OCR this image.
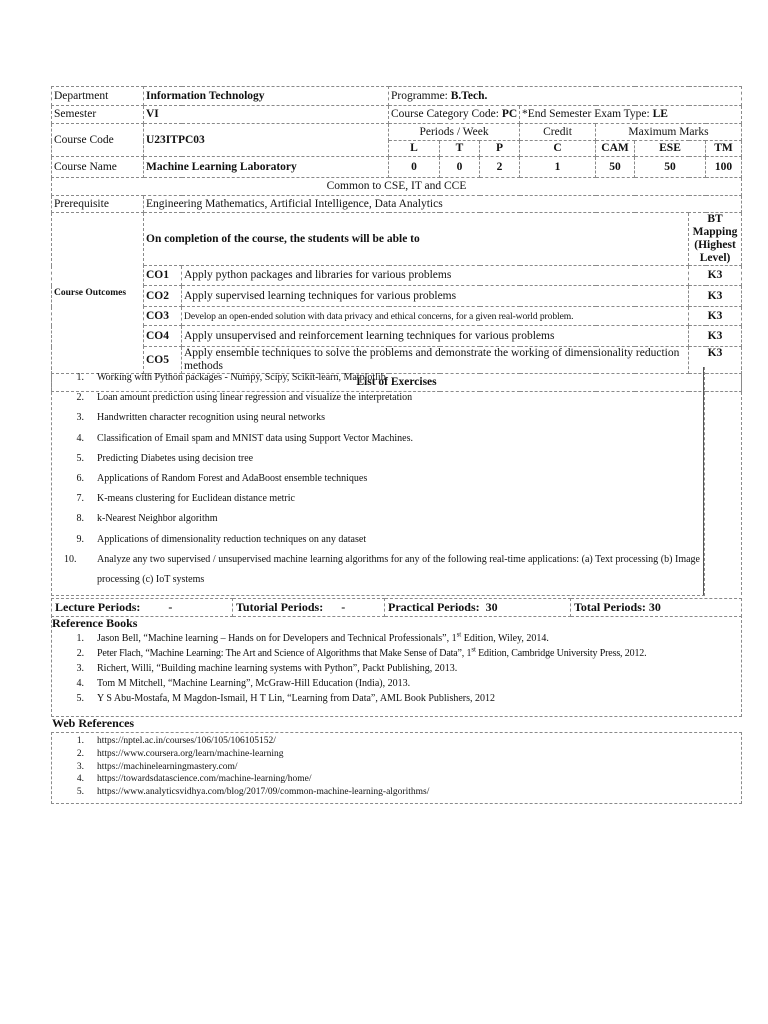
Department	Information Technology		Programme: B.Tech.							
Semester	VI		Course Category Code: PC			*End Semester Exam Type: LE				
Course Code	U23ITPC03		Periods / Week			Credit	Maximum Marks			
			L	T	P	C	CAM	ESE		TM
Course Name	Machine Learning Laboratory		0	0	2	1	50	50		100
Common to CSE, IT and CCE										
Prerequisite	Engineering Mathematics, Artificial Intelligence, Data Analytics									
Course Outcomes	On completion of the course, the students will be able to								BT Mapping (Highest Level)	
	CO1	Apply python packages and libraries for various problems							K3	
	CO2	Apply supervised learning techniques for various problems							K3	
	CO3	Develop an open-ended solution with data privacy and ethical concerns, for a given real-world problem.							K3	
	CO4	Apply unsupervised and reinforcement learning techniques for various problems							K3	
	CO5	Apply ensemble techniques to solve the problems and demonstrate the working of dimensionality reduction methods							K3	
List of Exercises										
1. Working with Python packages - Numpy, Scipy, Scikit-learn, Matplotlib
2. Loan amount prediction using linear regression and visualize the interpretation
3. Handwritten character recognition using neural networks
4. Classification of Email spam and MNIST data using Support Vector Machines.
5. Predicting Diabetes using decision tree
6. Applications of Random Forest and AdaBoost ensemble techniques
7. K-means clustering for Euclidean distance metric
8. k-Nearest Neighbor algorithm
9. Applications of dimensionality reduction techniques on any dataset
10.	Analyze any two supervised / unsupervised machine learning algorithms for any of the following real-time applications: (a) Text processing (b) Image processing (c) IoT systems
Lecture Periods: -	Tutorial Periods: -	Practical Periods: 30	Total Periods: 30
Reference Books
1. Jason Bell, “Machine learning – Hands on for Developers and Technical Professionals”, 1st Edition, Wiley, 2014.
2. Peter Flach, “Machine Learning: The Art and Science of Algorithms that Make Sense of Data”, 1st Edition, Cambridge University Press, 2012.
3. Richert, Willi, “Building machine learning systems with Python”, Packt Publishing, 2013.
4. Tom M Mitchell, “Machine Learning”, McGraw-Hill Education (India), 2013.
5. Y S Abu-Mostafa, M Magdon-Ismail, H T Lin, “Learning from Data”, AML Book Publishers, 2012
Web References
1. https://nptel.ac.in/courses/106/105/106105152/
2. https://www.coursera.org/learn/machine-learning
3. https://machinelearningmastery.com/
4. https://towardsdatascience.com/machine-learning/home/
5. https://www.analyticsvidhya.com/blog/2017/09/common-machine-learning-algorithms/
